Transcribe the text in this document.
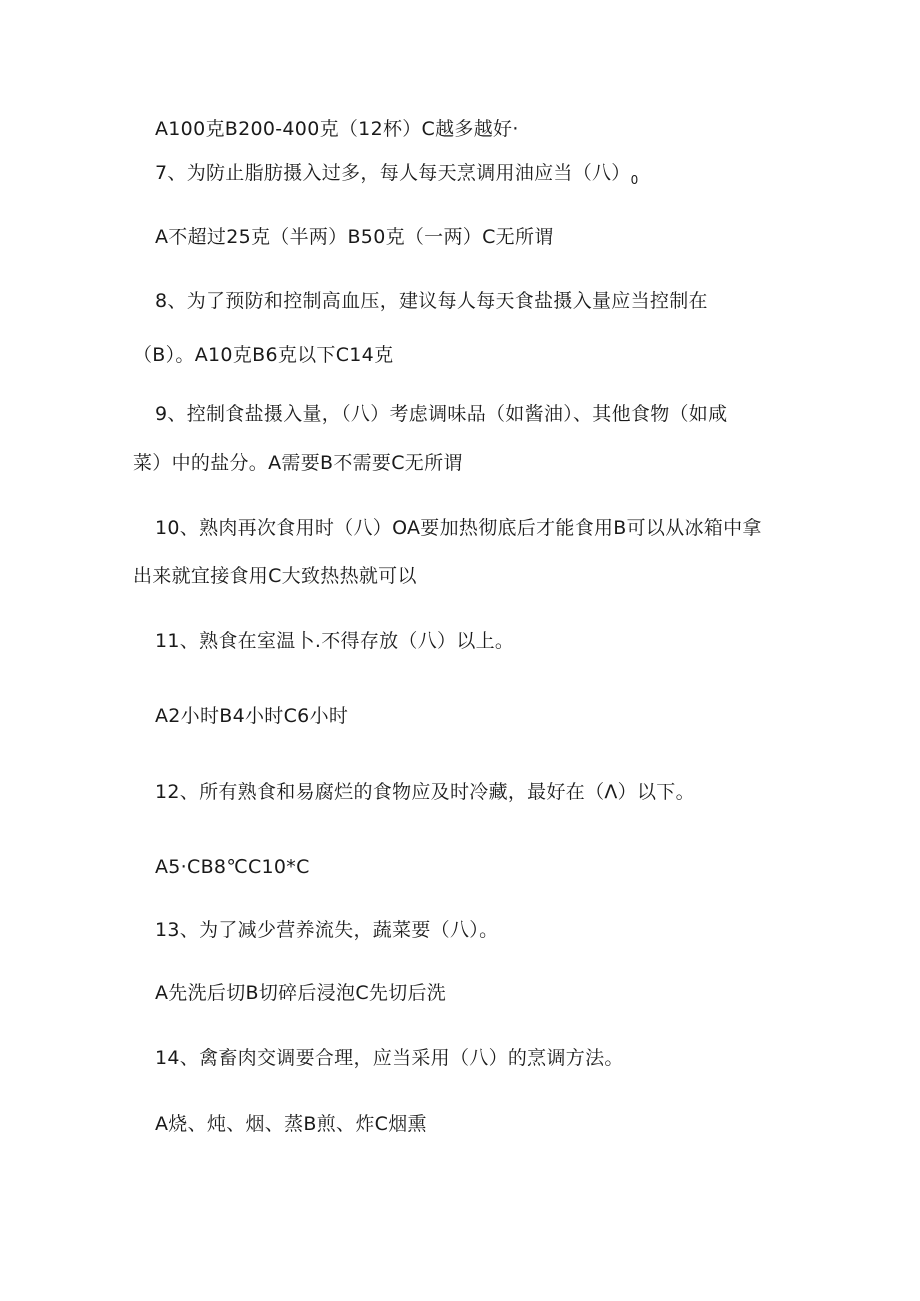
A100克B200-400克（12杯）C越多越好·
7、为防止脂肪摄入过多，每人每天烹调用油应当（八）$_0$
A不超过25克（半两）B50克（一两）C无所谓
8、为了预防和控制高血压，建议每人每天食盐摄入量应当控制在
（B）。A10克B6克以下C14克
9、控制食盐摄入量，（八）考虑调味品（如酱油）、其他食物（如咸
菜）中的盐分。A需要B不需要C无所谓
10、熟肉再次食用时（八）OA要加热彻底后才能食用B可以从冰箱中拿
出来就宜接食用C大致热热就可以
11、熟食在室温卜.不得存放（八）以上。
A2小时B4小时C6小时
12、所有熟食和易腐烂的食物应及时冷藏，最好在（Λ）以下。
A5·CB8℃C10*C
13、为了减少营养流失，蔬菜要（八）。
A先洗后切B切碎后浸泡C先切后洗
14、禽畜肉交调要合理，应当采用（八）的烹调方法。
A烧、炖、烟、蒸B煎、炸C烟熏
